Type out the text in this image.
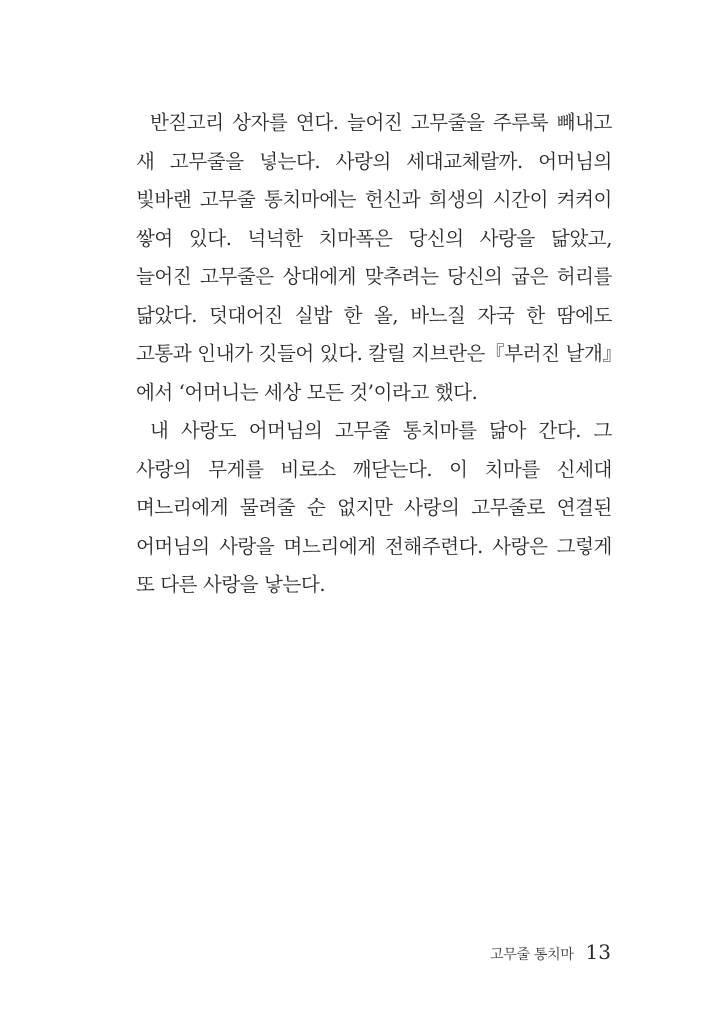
반짇고리 상자를 연다. 늘어진 고무줄을 주루룩 빼내고 새 고무줄을 넣는다. 사랑의 세대교체랄까. 어머님의 빛바랜 고무줄 통치마에는 헌신과 희생의 시간이 켜켜이 쌓여 있다. 넉넉한 치마폭은 당신의 사랑을 닮았고, 늘어진 고무줄은 상대에게 맞추려는 당신의 굽은 허리를 닮았다. 덧대어진 실밥 한 올, 바느질 자국 한 땀에도 고통과 인내가 깃들어 있다. 칼릴 지브란은『부러진 날개』에서 ‘어머니는 세상 모든 것’이라고 했다.

내 사랑도 어머님의 고무줄 통치마를 닮아 간다. 그 사랑의 무게를 비로소 깨닫는다. 이 치마를 신세대 며느리에게 물려줄 순 없지만 사랑의 고무줄로 연결된 어머님의 사랑을 며느리에게 전해주련다. 사랑은 그렇게 또 다른 사랑을 낳는다.

고무줄 통치마 13
